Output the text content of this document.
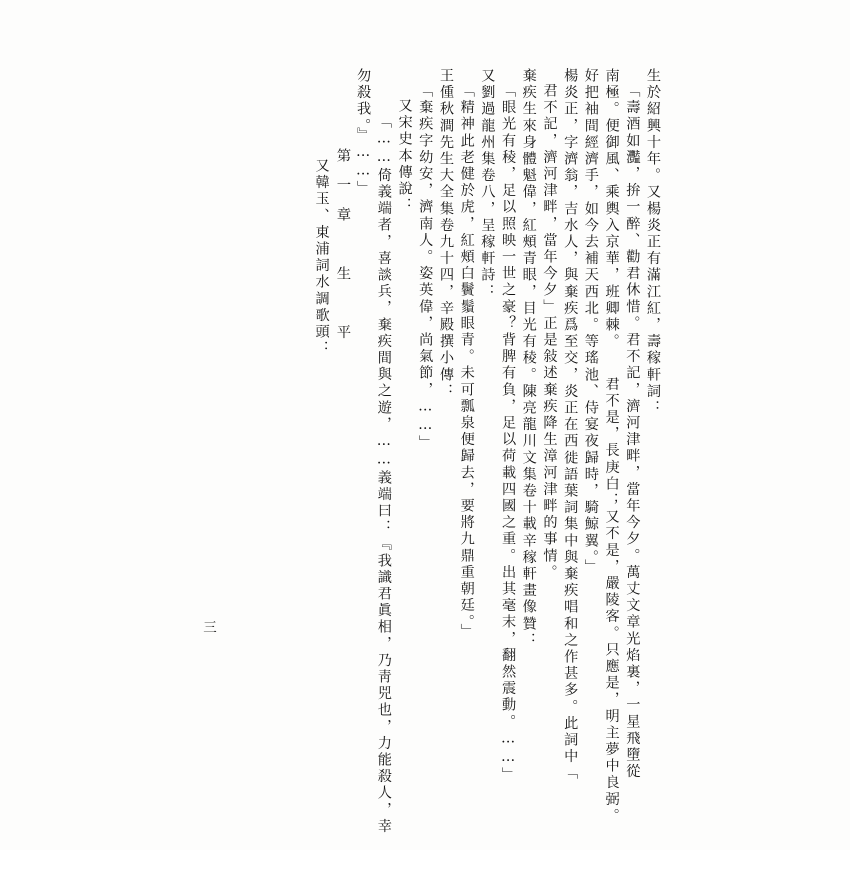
生於紹興十年。又楊炎正有滿江紅，壽稼軒詞：
「壽酒如灩，拚一醉、勸君休惜。君不記，濟河津畔，當年今夕。萬丈文章光焰裏，一星飛墮從
南極。便御風、乘輿入京華，班卿棘。　　君不是，長庚白；又不是，嚴陵客。只應是，明主夢中良弼。
好把袖間經濟手，如今去補天西北。等瑤池、侍宴夜歸時，騎鯨翼。」
楊炎正，字濟翁，吉水人，與棄疾爲至交，炎正在西徙語葉詞集中與棄疾唱和之作甚多。此詞中「
君不記，濟河津畔，當年今夕」正是敍述棄疾降生漳河津畔的事情。
棄疾生來身體魁偉，紅頰青眼，目光有稜。陳亮龍川文集卷十載辛稼軒畫像贊：
「眼光有稜，足以照映一世之豪？背脾有負，足以荷載四國之重。出其毫末，翻然震動。……」
又劉過龍州集卷八，呈稼軒詩：
「精神此老健於虎，紅頰白鬢鬚眼青。未可瓢泉便歸去，要將九鼎重朝廷。」
王偅秋澗先生大全集卷九十四，辛殿撰小傳：
「棄疾字幼安，濟南人。姿英偉，尚氣節，……」
又宋史本傳說：
「……倚義端者，喜談兵，棄疾間與之遊，……義端曰：『我識君眞相，乃靑兕也，力能殺人，幸
勿殺我。』……」
第一章　生　平
又韓玉、東浦詞水調歌頭：
三
